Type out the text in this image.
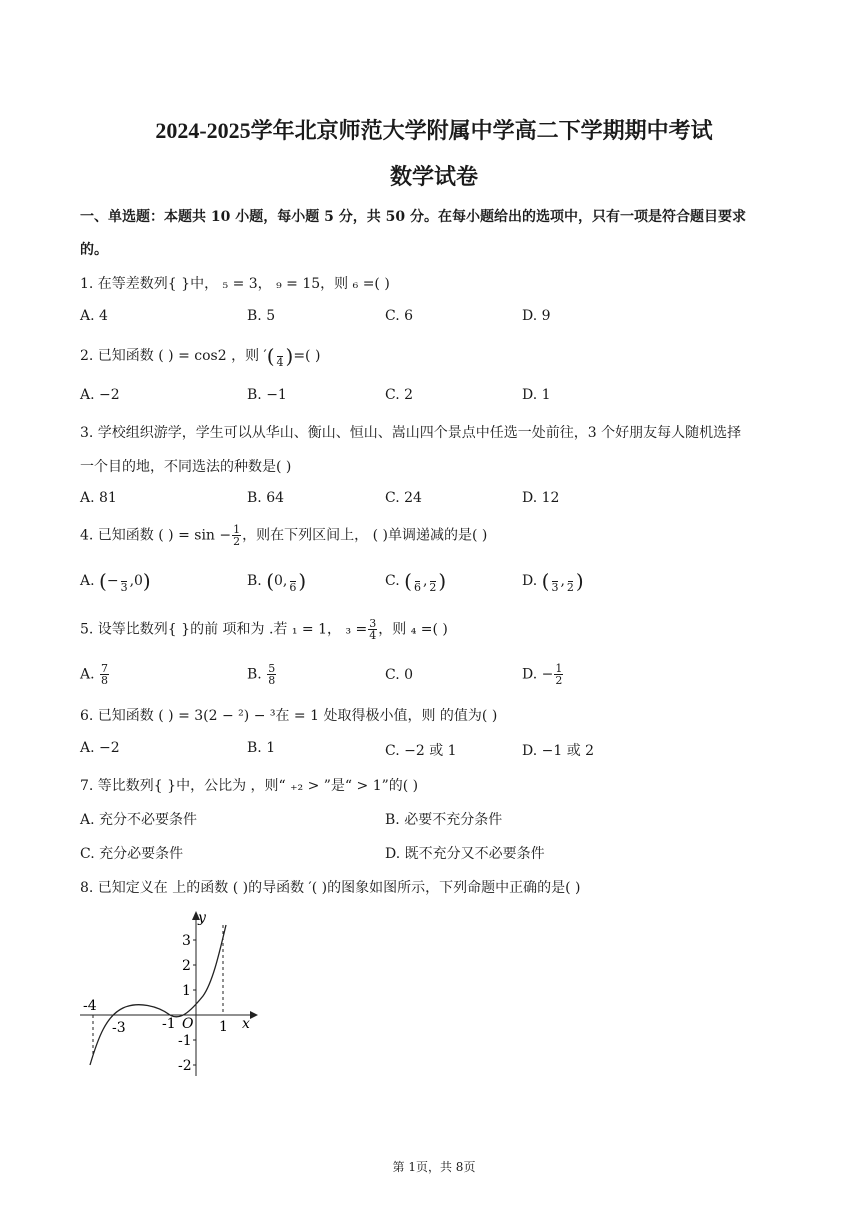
2024-2025学年北京师范大学附属中学高二下学期期中考试
数学试卷
一、单选题：本题共 10 小题，每小题 5 分，共 50 分。在每小题给出的选项中，只有一项是符合题目要求
的。
1. 在等差数列{ }中， ₅ = 3， ₉ = 15，则 ₆ =( )
A. 4	B. 5	C. 6	D. 9
2. 已知函数 ( ) = cos2 ，则 ′(
4 )=( )
A. −2	B. −1	C. 2	D. 1
3. 学校组织游学，学生可以从华山、衡山、恒山、嵩山四个景点中任选一处前往，3 个好朋友每人随机选择
一个目的地，不同选法的种数是( )
A. 81	B. 64	C. 24	D. 12
4. 已知函数 ( ) = $\sin - \frac{1}{2}$ ，则在下列区间上， ( )单调递减的是( )
A. (−
3 ,0)	B. (0,
6 )	C. (
6 ,
2 )	D. (
3 ,
2 )
5. 设等比数列{ }的前 项和为 .若 ₁ = 1， $_3 = \frac{3}{4}$ ，则 ₄ =( )
A. $\frac{7}{8}$	B. $\frac{5}{8}$	C. 0	D. − $\frac{1}{2}$
6. 已知函数 ( ) = 3(2 − ²) − ³在 = 1 处取得极小值，则 的值为( )
A. −2	B. 1	C. −2 或 1	D. −1 或 2
7. 等比数列{ }中，公比为 ，则“ ₊₂ > ”是“ > 1”的( )
A. 充分不必要条件	B. 必要不充分条件
C. 充分必要条件	D. 既不充分又不必要条件
8. 已知定义在 上的函数 ( )的导函数 ′( )的图象如图所示，下列命题中正确的是( )
y
x
O
3
2
1
-1
-2
-4
-3	-1	1
第 1页，共 8页
